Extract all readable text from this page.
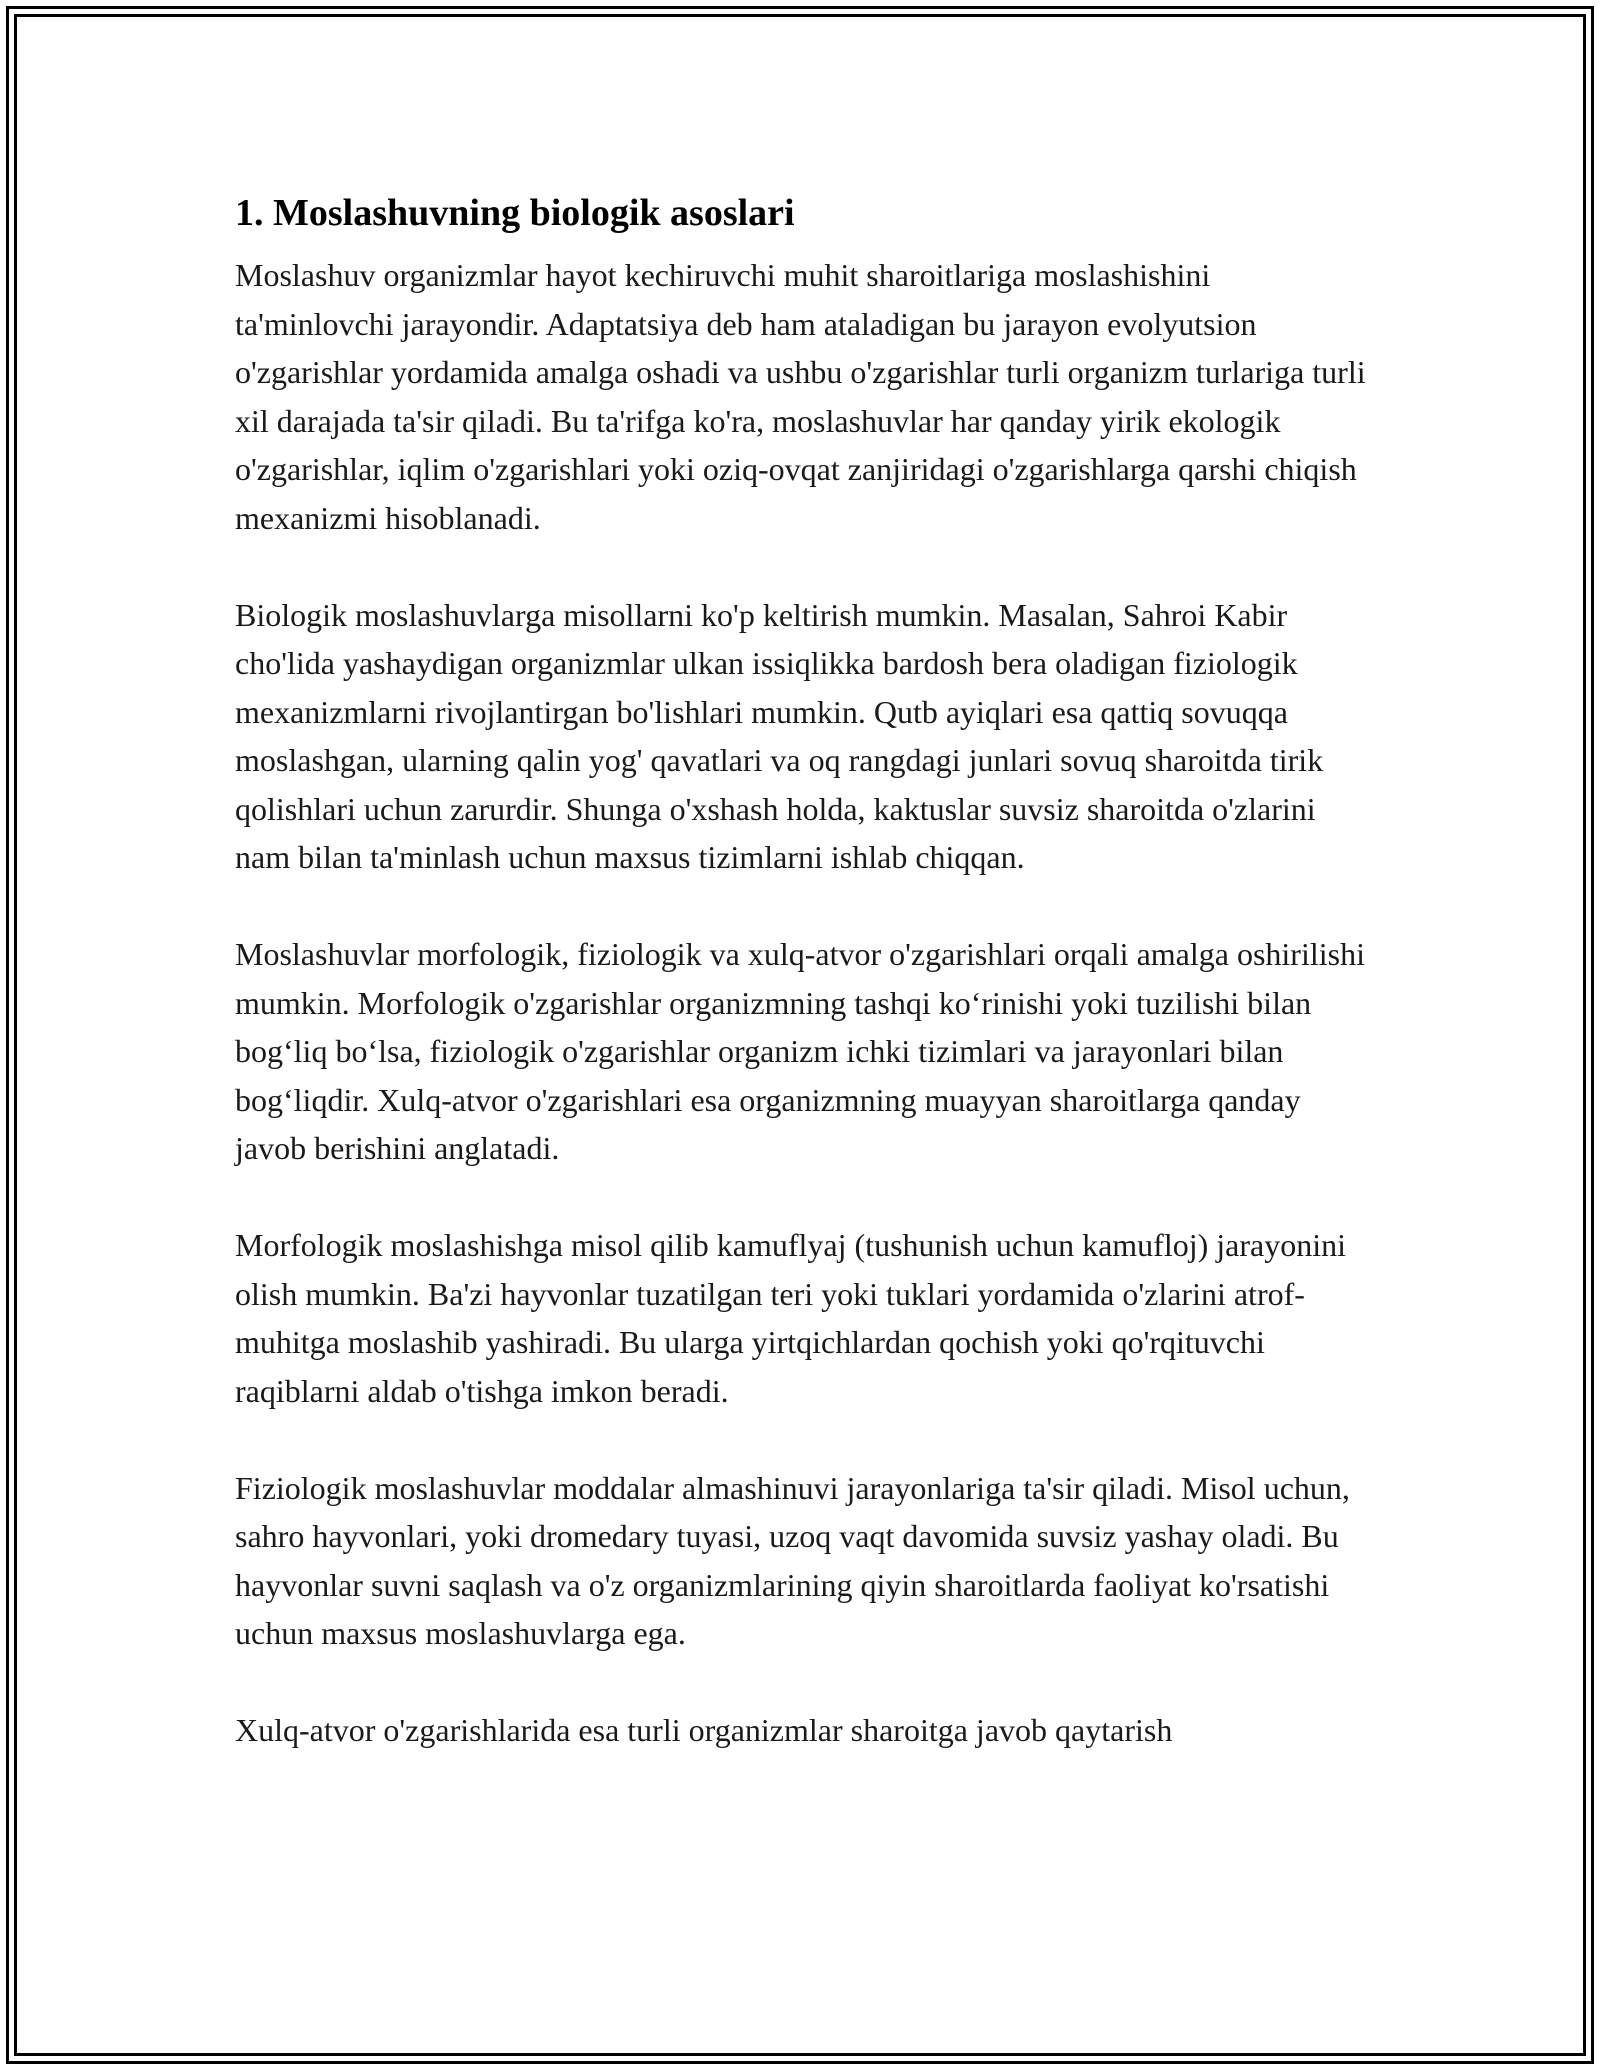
1. Moslashuvning biologik asoslari

Moslashuv organizmlar hayot kechiruvchi muhit sharoitlariga moslashishini ta'minlovchi jarayondir. Adaptatsiya deb ham ataladigan bu jarayon evolyutsion o'zgarishlar yordamida amalga oshadi va ushbu o'zgarishlar turli organizm turlariga turli xil darajada ta'sir qiladi. Bu ta'rifga ko'ra, moslashuvlar har qanday yirik ekologik o'zgarishlar, iqlim o'zgarishlari yoki oziq-ovqat zanjiridagi o'zgarishlarga qarshi chiqish mexanizmi hisoblanadi.

Biologik moslashuvlarga misollarni ko'p keltirish mumkin. Masalan, Sahroi Kabir cho'lida yashaydigan organizmlar ulkan issiqlikka bardosh bera oladigan fiziologik mexanizmlarni rivojlantirgan bo'lishlari mumkin. Qutb ayiqlari esa qattiq sovuqqa moslashgan, ularning qalin yog' qavatlari va oq rangdagi junlari sovuq sharoitda tirik qolishlari uchun zarurdir. Shunga o'xshash holda, kaktuslar suvsiz sharoitda o'zlarini nam bilan ta'minlash uchun maxsus tizimlarni ishlab chiqqan.

Moslashuvlar morfologik, fiziologik va xulq-atvor o'zgarishlari orqali amalga oshirilishi mumkin. Morfologik o'zgarishlar organizmning tashqi ko‘rinishi yoki tuzilishi bilan bog‘liq bo‘lsa, fiziologik o'zgarishlar organizm ichki tizimlari va jarayonlari bilan bog‘liqdir. Xulq-atvor o'zgarishlari esa organizmning muayyan sharoitlarga qanday javob berishini anglatadi.

Morfologik moslashishga misol qilib kamuflyaj (tushunish uchun kamufloj) jarayonini olish mumkin. Ba'zi hayvonlar tuzatilgan teri yoki tuklari yordamida o'zlarini atrof-muhitga moslashib yashiradi. Bu ularga yirtqichlardan qochish yoki qo'rqituvchi raqiblarni aldab o'tishga imkon beradi.

Fiziologik moslashuvlar moddalar almashinuvi jarayonlariga ta'sir qiladi. Misol uchun, sahro hayvonlari, yoki dromedary tuyasi, uzoq vaqt davomida suvsiz yashay oladi. Bu hayvonlar suvni saqlash va o'z organizmlarining qiyin sharoitlarda faoliyat ko'rsatishi uchun maxsus moslashuvlarga ega.

Xulq-atvor o'zgarishlarida esa turli organizmlar sharoitga javob qaytarish
